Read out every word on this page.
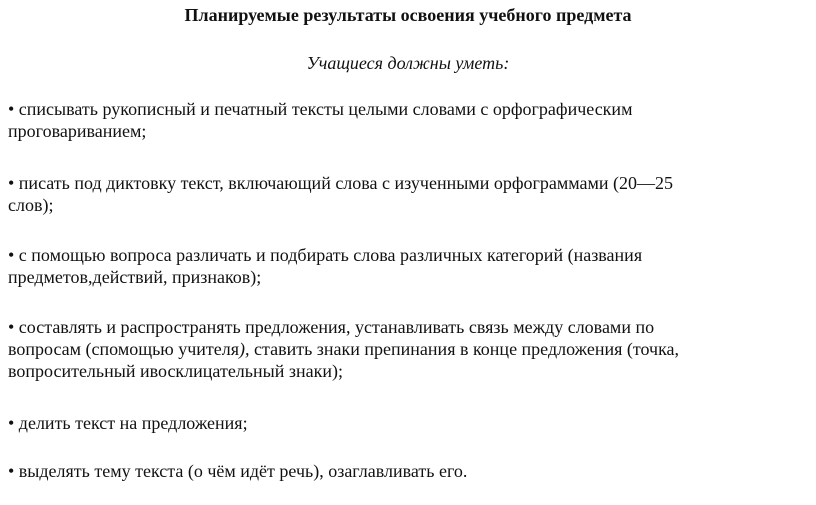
Планируемые результаты освоения учебного предмета
Учащиеся должны уметь:
• списывать рукописный и печатный тексты целыми словами с орфографическим
проговариванием;
• писать под диктовку текст, включающий слова с изученными орфограммами (20—25
слов);
• с помощью вопроса различать и подбирать слова различных категорий (названия
предметов,действий, признаков);
• составлять и распространять предложения, устанавливать связь между словами по
вопросам (спомощью учителя), ставить знаки препинания в конце предложения (точка,
вопросительный ивосклицательный знаки);
• делить текст на предложения;
• выделять тему текста (о чём идёт речь), озаглавливать его.
